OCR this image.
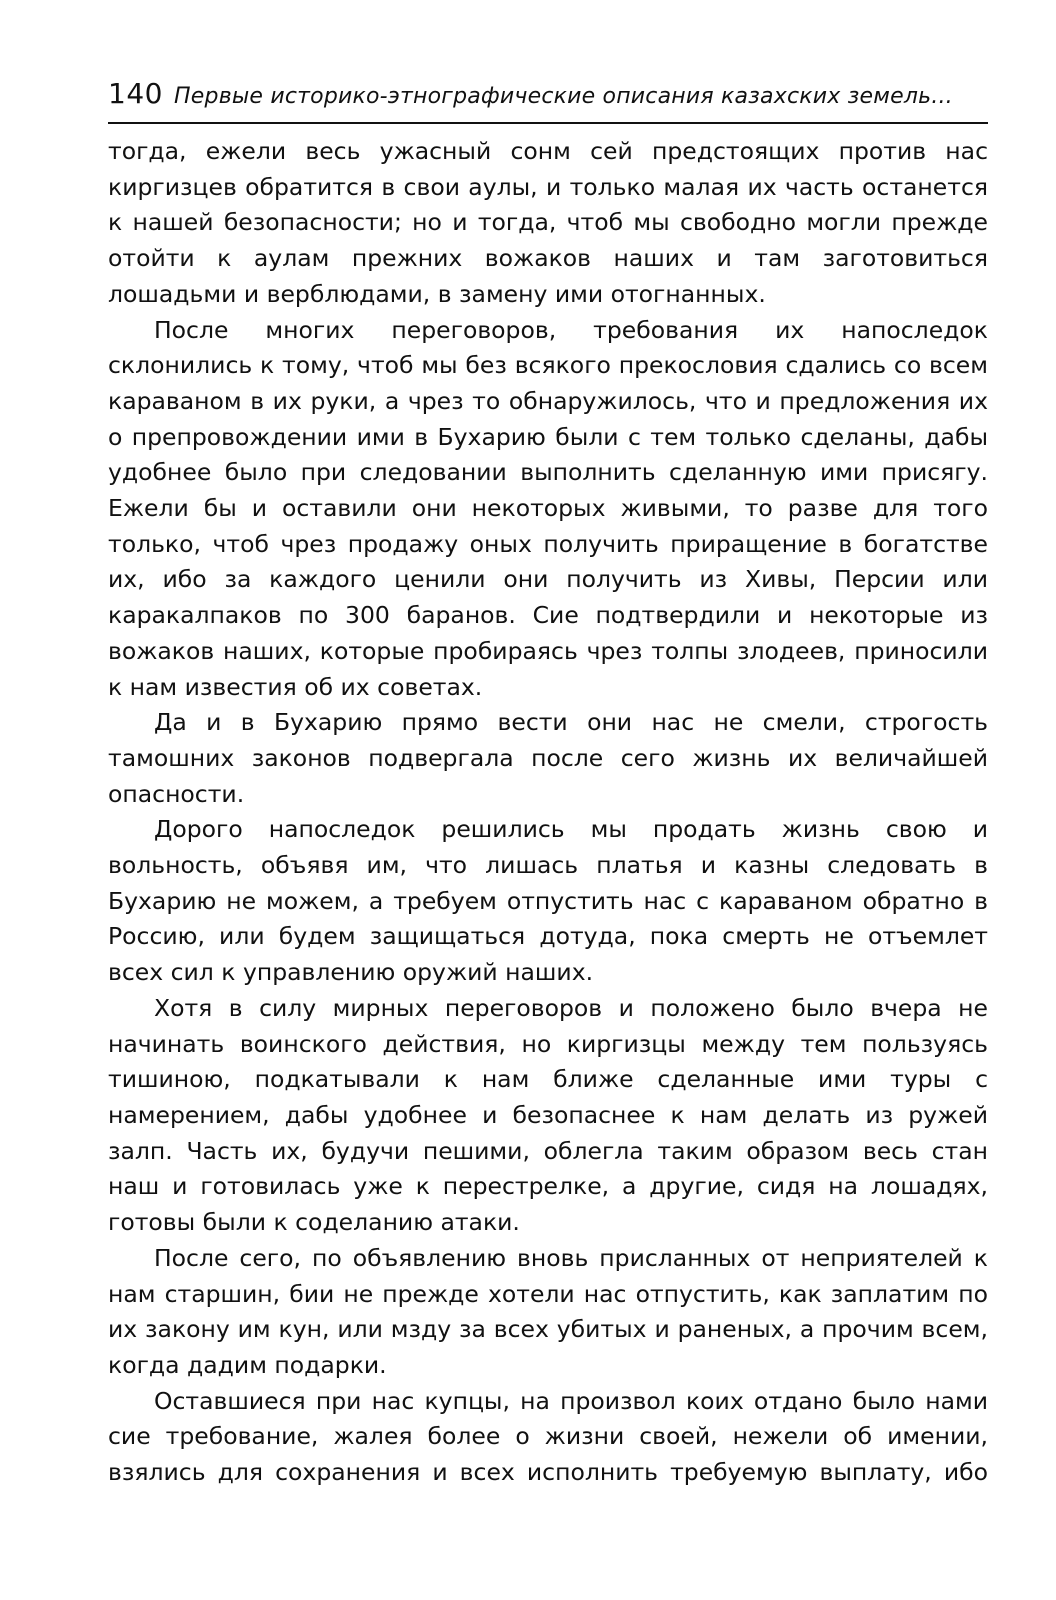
140 Первые историко-этнографические описания казахских земель...

тогда, ежели весь ужасный сонм сей предстоящих против нас киргизцев обратится в свои аулы, и только малая их часть останется к нашей безопасности; но и тогда, чтоб мы свободно могли прежде отойти к аулам прежних вожаков наших и там заготовиться лошадьми и верблюдами, в замену ими отогнанных.

После многих переговоров, требования их напоследок склонились к тому, чтоб мы без всякого прекословия сдались со всем караваном в их руки, а чрез то обнаружилось, что и предложения их о препровождении ими в Бухарию были с тем только сделаны, дабы удобнее было при следовании выполнить сделанную ими присягу. Ежели бы и оставили они некоторых живыми, то разве для того только, чтоб чрез продажу оных получить приращение в богатстве их, ибо за каждого ценили они получить из Хивы, Персии или каракалпаков по 300 баранов. Сие подтвердили и некоторые из вожаков наших, которые пробираясь чрез толпы злодеев, приносили к нам известия об их советах.

Да и в Бухарию прямо вести они нас не смели, строгость тамошних законов подвергала после сего жизнь их величайшей опасности.

Дорого напоследок решились мы продать жизнь свою и вольность, объявя им, что лишась платья и казны следовать в Бухарию не можем, а требуем отпустить нас с караваном обратно в Россию, или будем защищаться дотуда, пока смерть не отъемлет всех сил к управлению оружий наших.

Хотя в силу мирных переговоров и положено было вчера не начинать воинского действия, но киргизцы между тем пользуясь тишиною, подкатывали к нам ближе сделанные ими туры с намерением, дабы удобнее и безопаснее к нам делать из ружей залп. Часть их, будучи пешими, облегла таким образом весь стан наш и готовилась уже к перестрелке, а другие, сидя на лошадях, готовы были к соделанию атаки.

После сего, по объявлению вновь присланных от неприятелей к нам старшин, бии не прежде хотели нас отпустить, как заплатим по их закону им кун, или мзду за всех убитых и раненых, а прочим всем, когда дадим подарки.

Оставшиеся при нас купцы, на произвол коих отдано было нами сие требование, жалея более о жизни своей, нежели об имении, взялись для сохранения и всех исполнить требуемую выплату, ибо
